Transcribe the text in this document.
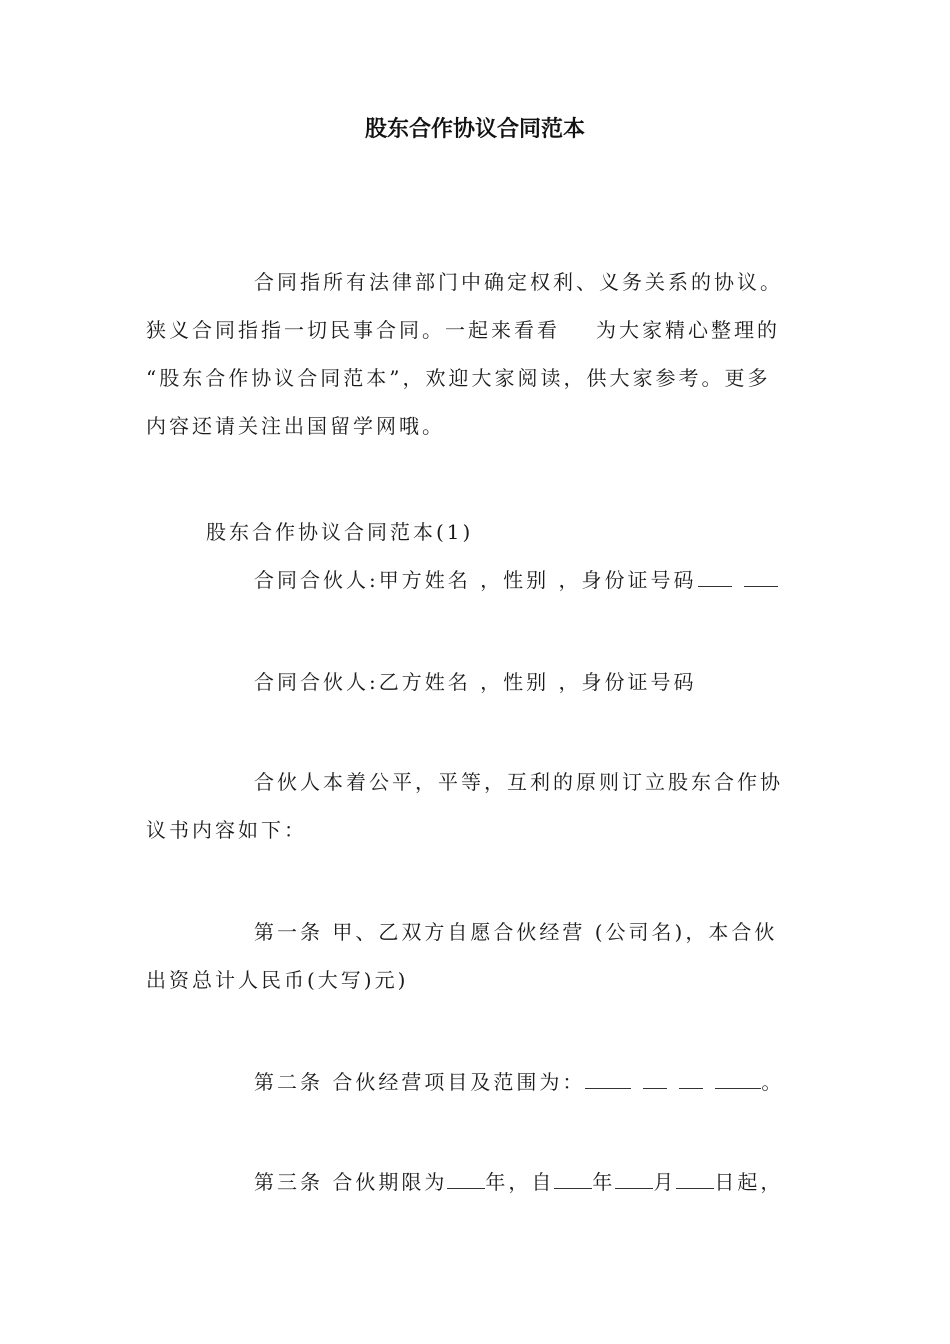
股东合作协议合同范本

合同指所有法律部门中确定权利、义务关系的协议。

狭义合同指指一切民事合同。一起来看看 为大家精心整理的

“股东合作协议合同范本”，欢迎大家阅读，供大家参考。更多

内容还请关注出国留学网哦。

股东合作协议合同范本(1)

合同合伙人:甲方姓名 ，性别 ，身份证号码

合同合伙人:乙方姓名 ，性别 ，身份证号码

合伙人本着公平，平等，互利的原则订立股东合作协

议书内容如下：

第一条 甲、乙双方自愿合伙经营 (公司名)，本合伙

出资总计人民币(大写)元)

第二条 合伙经营项目及范围为：	。

第三条 合伙期限为 年，自 年 月 日起，
